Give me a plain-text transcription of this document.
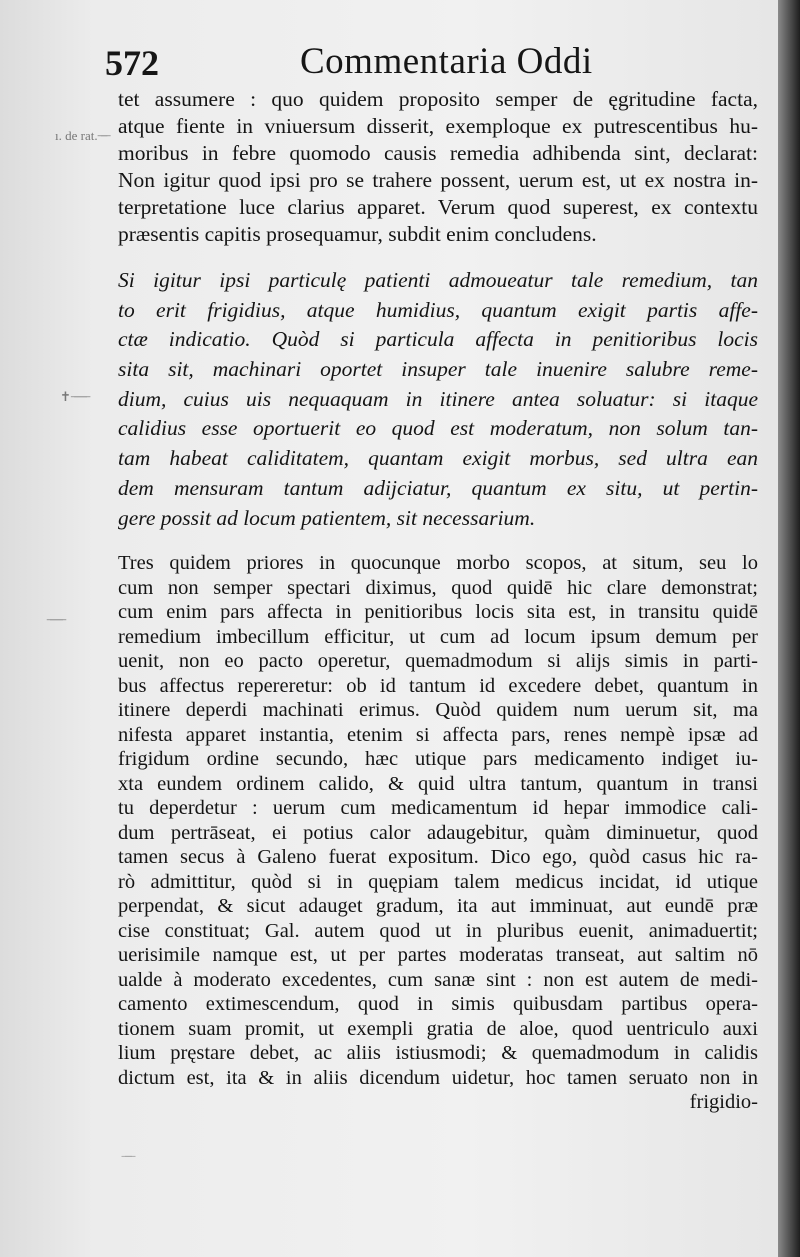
572	Commentaria Oddi
ı. de rat. ̶ ̶ ̶
✝ ̶ ̶ ̶ ̶ ̶
̶ ̶ ̶ ̶ ̶
tet assumere : quo quidem proposito semper de ęgritudine facta,
atque fiente in vniuersum disserit, exemploque ex putrescentibus hu-
moribus in febre quomodo causis remedia adhibenda sint, declarat:
Non igitur quod ipsi pro se trahere possent, uerum est, ut ex nostra in-
terpretatione luce clarius apparet. Verum quod superest, ex contextu
præsentis capitis prosequamur, subdit enim concludens.
Si igitur ipsi particulę patienti admoueatur tale remedium, tan
to erit frigidius, atque humidius, quantum exigit partis affe-
ctæ indicatio. Quòd si particula affecta in penitioribus locis
sita sit, machinari oportet insuper tale inuenire salubre reme-
dium, cuius uis nequaquam in itinere antea soluatur: si itaque
calidius esse oportuerit eo quod est moderatum, non solum tan-
tam habeat caliditatem, quantam exigit morbus, sed ultra ean
dem mensuram tantum adijciatur, quantum ex situ, ut pertin-
gere possit ad locum patientem, sit necessarium.
Tres quidem priores in quocunque morbo scopos, at situm, seu lo
cum non semper spectari diximus, quod quidē hic clare demonstrat;
cum enim pars affecta in penitioribus locis sita est, in transitu quidē
remedium imbecillum efficitur, ut cum ad locum ipsum demum per
uenit, non eo pacto operetur, quemadmodum si alijs simis in parti-
bus affectus repereretur: ob id tantum id excedere debet, quantum in
itinere deperdi machinati erimus. Quòd quidem num uerum sit, ma
nifesta apparet instantia, etenim si affecta pars, renes nempè ipsæ ad
frigidum ordine secundo, hæc utique pars medicamento indiget iu-
xta eundem ordinem calido, & quid ultra tantum, quantum in transi
tu deperdetur : uerum cum medicamentum id hepar immodice cali-
dum pertrāseat, ei potius calor adaugebitur, quàm diminuetur, quod
tamen secus à Galeno fuerat expositum. Dico ego, quòd casus hic ra-
rò admittitur, quòd si in quępiam talem medicus incidat, id utique
perpendat, & sicut adauget gradum, ita aut imminuat, aut eundē præ
cise constituat; Gal. autem quod ut in pluribus euenit, animaduertit;
uerisimile namque est, ut per partes moderatas transeat, aut saltim nō
ualde à moderato excedentes, cum sanæ sint : non est autem de medi-
camento extimescendum, quod in simis quibusdam partibus opera-
tionem suam promit, ut exempli gratia de aloe, quod uentriculo auxi
lium pręstare debet, ac aliis istiusmodi; & quemadmodum in calidis
dictum est, ita & in aliis dicendum uidetur, hoc tamen seruato non in
frigidio-
̶ ̶ ̶
